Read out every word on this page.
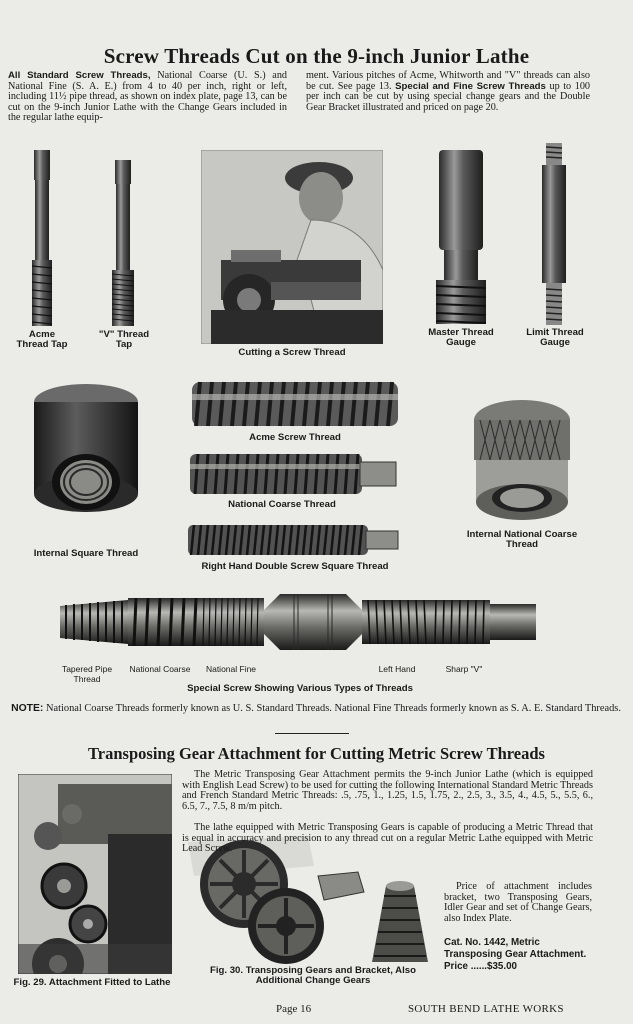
Screw Threads Cut on the 9-inch Junior Lathe
All Standard Screw Threads, National Coarse (U. S.) and National Fine (S. A. E.) from 4 to 40 per inch, right or left, including 11½ pipe thread, as shown on index plate, page 13, can be cut on the 9-inch Junior Lathe with the Change Gears included in the regular lathe equip-
ment. Various pitches of Acme, Whitworth and "V" threads can also be cut. See page 13. Special and Fine Screw Threads up to 100 per inch can be cut by using special change gears and the Double Gear Bracket illustrated and priced on page 20.
Acme Thread Tap
"V" Thread Tap
Cutting a Screw Thread
Master Thread Gauge
Limit Thread Gauge
Internal Square Thread
Acme Screw Thread
National Coarse Thread
Right Hand Double Screw Square Thread
Internal National Coarse Thread
Tapered Pipe Thread
National Coarse	National Fine	Left Hand	Sharp "V"
Special Screw Showing Various Types of Threads
NOTE: National Coarse Threads formerly known as U. S. Standard Threads. National Fine Threads formerly known as S. A. E. Standard Threads.
Transposing Gear Attachment for Cutting Metric Screw Threads
Fig. 29. Attachment Fitted to Lathe
Fig. 30. Transposing Gears and Bracket, Also Additional Change Gears
The Metric Transposing Gear Attachment permits the 9-inch Junior Lathe (which is equipped with English Lead Screw) to be used for cutting the following International Standard Metric Threads and French Standard Metric Threads: .5, .75, 1., 1.25, 1.5, 1.75, 2., 2.5, 3., 3.5, 4., 4.5, 5., 5.5, 6., 6.5, 7., 7.5, 8 m/m pitch.
The lathe equipped with Metric Transposing Gears is capable of producing a Metric Thread that is equal in accuracy and precision to any thread cut on a regular Metric Lathe equipped with Metric Lead Screw.
Price of attachment includes bracket, two Transposing Gears, Idler Gear and set of Change Gears, also Index Plate.
Cat. No. 1442, Metric Transposing Gear Attachment. Price ......$35.00
Page 16	SOUTH BEND LATHE WORKS
